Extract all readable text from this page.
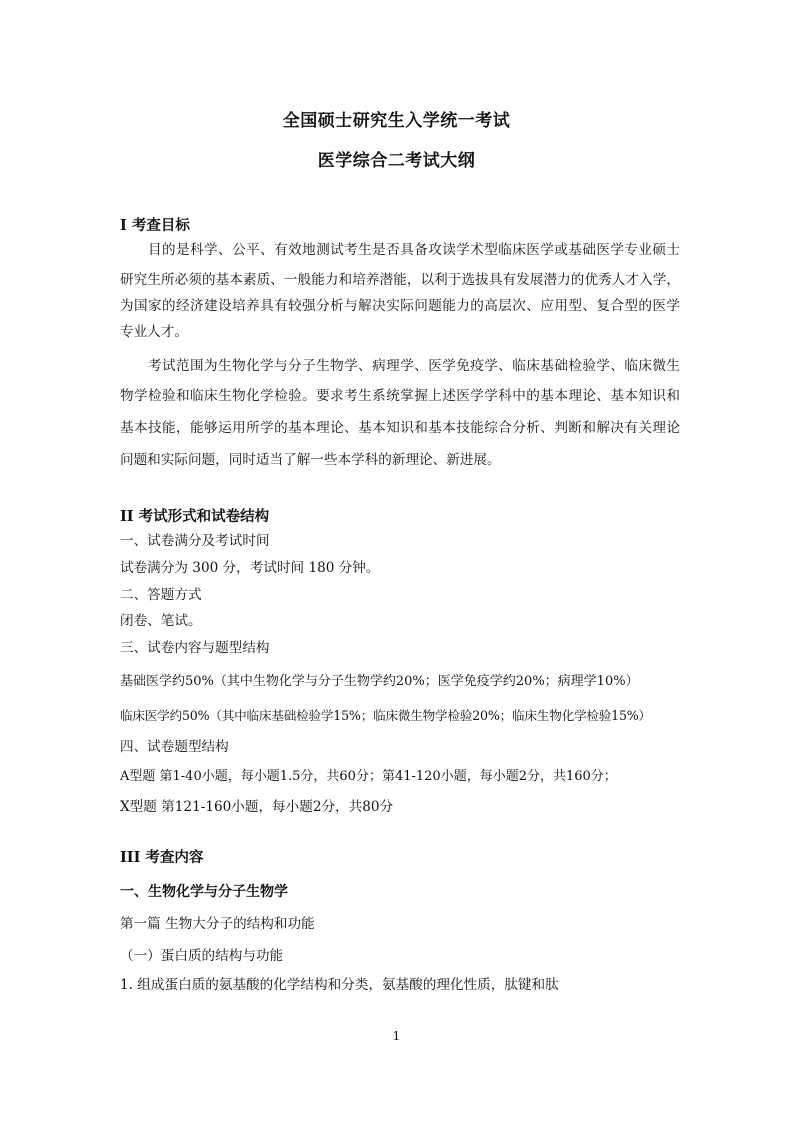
全国硕士研究生入学统一考试
医学综合二考试大纲
I 考查目标
目的是科学、公平、有效地测试考生是否具备攻读学术型临床医学或基础医学专业硕士
研究生所必须的基本素质、一般能力和培养潜能，以利于选拔具有发展潜力的优秀人才入学，
为国家的经济建设培养具有较强分析与解决实际问题能力的高层次、应用型、复合型的医学
专业人才。
考试范围为生物化学与分子生物学、病理学、医学免疫学、临床基础检验学、临床微生
物学检验和临床生物化学检验。要求考生系统掌握上述医学学科中的基本理论、基本知识和
基本技能，能够运用所学的基本理论、基本知识和基本技能综合分析、判断和解决有关理论
问题和实际问题，同时适当了解一些本学科的新理论、新进展。
II 考试形式和试卷结构
一、试卷满分及考试时间
试卷满分为 300 分，考试时间 180 分钟。
二、答题方式
闭卷、笔试。
三、试卷内容与题型结构
基础医学约50%（其中生物化学与分子生物学约20%；医学免疫学约20%；病理学10%）
临床医学约50%（其中临床基础检验学15%；临床微生物学检验20%；临床生物化学检验15%）
四、试卷题型结构
A型题 第1-40小题，每小题1.5分，共60分；第41-120小题，每小题2分，共160分；
X型题 第121-160小题，每小题2分，共80分
III 考查内容
一、生物化学与分子生物学
第一篇 生物大分子的结构和功能
（一）蛋白质的结构与功能
1. 组成蛋白质的氨基酸的化学结构和分类，氨基酸的理化性质，肽键和肽
1
